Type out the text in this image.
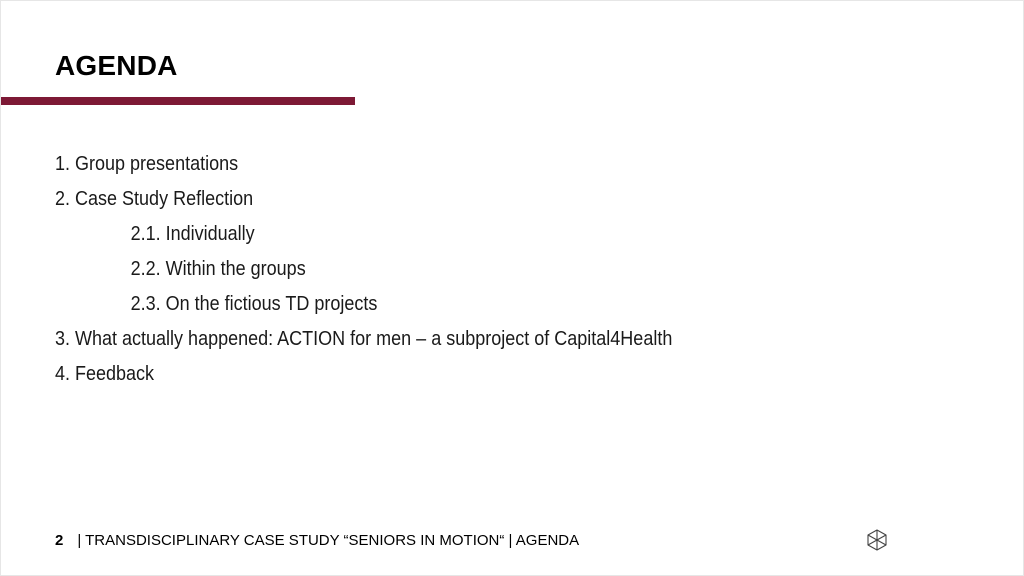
AGENDA
1. Group presentations
2. Case Study Reflection
2.1. Individually
2.2. Within the groups
2.3. On the fictious TD projects
3. What actually happened: ACTION for men – a subproject of Capital4Health
4. Feedback
2 | TRANSDISCIPLINARY CASE STUDY “SENIORS IN MOTION“ | AGENDA
